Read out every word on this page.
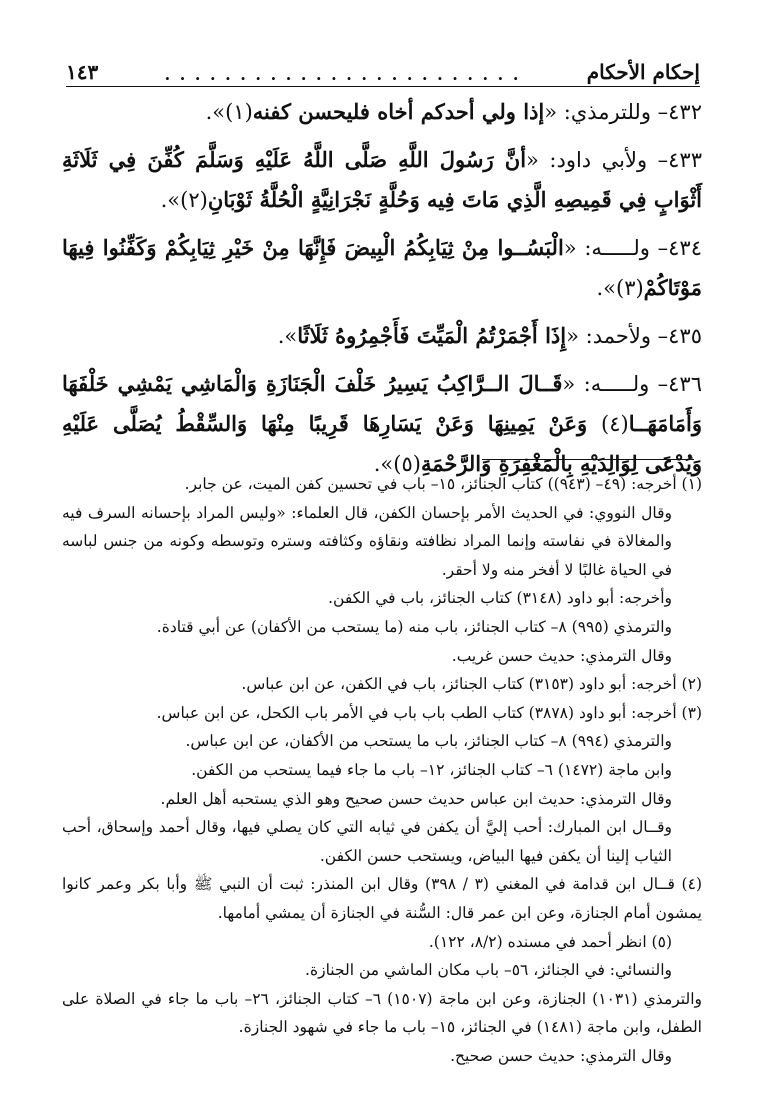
إحكام الأحكام
. . . . . . . . . . . . . . . . . . . . . . . .
١٤٣

٤٣٢– وللترمذي: «إذا ولي أحدكم أخاه فليحسن كفنه(١)».

٤٣٣– ولأبي داود: «أنَّ رَسُولَ اللَّهِ صَلَّى اللَّهُ عَلَيْهِ وَسَلَّمَ كُفِّنَ فِي ثَلَاثَةِ أَثْوَابٍ فِي قَمِيصِهِ الَّذِي مَاتَ فِيه وَحُلَّةٍ نَجْرَانِيَّةٍ الْحُلَّةُ ثَوْبَانِ(٢)».

٤٣٤– ولـــــه: «الْبَسُــوا مِنْ ثِيَابِكُمُ الْبِيضَ فَإِنَّهَا مِنْ خَيْرِ ثِيَابِكُمْ وَكَفِّنُوا فِيهَا مَوْتَاكُمْ(٣)».

٤٣٥– ولأحمد: «إِذَا أَجْمَرْتُمُ الْمَيِّتَ فَأَجْمِرُوهُ ثَلَاثًا».

٤٣٦– ولـــــه: «قَــالَ الــرَّاكِبُ يَسِيرُ خَلْفَ الْجَنَازَةِ وَالْمَاشِي يَمْشِي خَلْفَهَا وَأَمَامَهَــا(٤) وَعَنْ يَمِينِهَا وَعَنْ يَسَارِهَا قَرِيبًا مِنْهَا وَالسِّقْطُ يُصَلَّى عَلَيْهِ وَيُدْعَى لِوَالِدَيْهِ بِالْمَغْفِرَةِ وَالرَّحْمَةِ(٥)».

(١) أخرجه: (٤٩– (٩٤٣)) كتاب الجنائز، ١٥– باب في تحسين كفن الميت، عن جابر.

وقال النووي: في الحديث الأمر بإحسان الكفن، قال العلماء: «وليس المراد بإحسانه السرف فيه والمغالاة في نفاسته وإنما المراد نظافته ونقاؤه وكثافته وستره وتوسطه وكونه من جنس لباسه في الحياة غالبًا لا أفخر منه ولا أحقر.

وأخرجه: أبو داود (٣١٤٨) كتاب الجنائز، باب في الكفن.

والترمذي (٩٩٥) ٨– كتاب الجنائز، باب منه (ما يستحب من الأكفان) عن أبي قتادة.

وقال الترمذي: حديث حسن غريب.

(٢) أخرجه: أبو داود (٣١٥٣) كتاب الجنائز، باب في الكفن، عن ابن عباس.

(٣) أخرجه: أبو داود (٣٨٧٨) كتاب الطب باب باب في الأمر باب الكحل، عن ابن عباس.

والترمذي (٩٩٤) ٨– كتاب الجنائز، باب ما يستحب من الأكفان، عن ابن عباس.

وابن ماجة (١٤٧٢) ٦– كتاب الجنائز، ١٢– باب ما جاء فيما يستحب من الكفن.

وقال الترمذي: حديث ابن عباس حديث حسن صحيح وهو الذي يستحبه أهل العلم.

وقــال ابن المبارك: أحب إليَّ أن يكفن في ثيابه التي كان يصلي فيها، وقال أحمد وإسحاق، أحب الثياب إلينا أن يكفن فيها البياض، ويستحب حسن الكفن.

(٤) قــال ابن قدامة في المغني (٣ / ٣٩٨) وقال ابن المنذر: ثبت أن النبي ﷺ وأبا بكر وعمر كانوا يمشون أمام الجنازة، وعن ابن عمر قال: السُّنة في الجنازة أن يمشي أمامها.

(٥) انظر أحمد في مسنده (٨/٢، ١٢٢).

والنسائي: في الجنائز، ٥٦– باب مكان الماشي من الجنازة.

والترمذي (١٠٣١) الجنازة، وعن ابن ماجة (١٥٠٧) ٦– كتاب الجنائز، ٢٦– باب ما جاء في الصلاة على الطفل، وابن ماجة (١٤٨١) في الجنائز، ١٥– باب ما جاء في شهود الجنازة.

وقال الترمذي: حديث حسن صحيح.
